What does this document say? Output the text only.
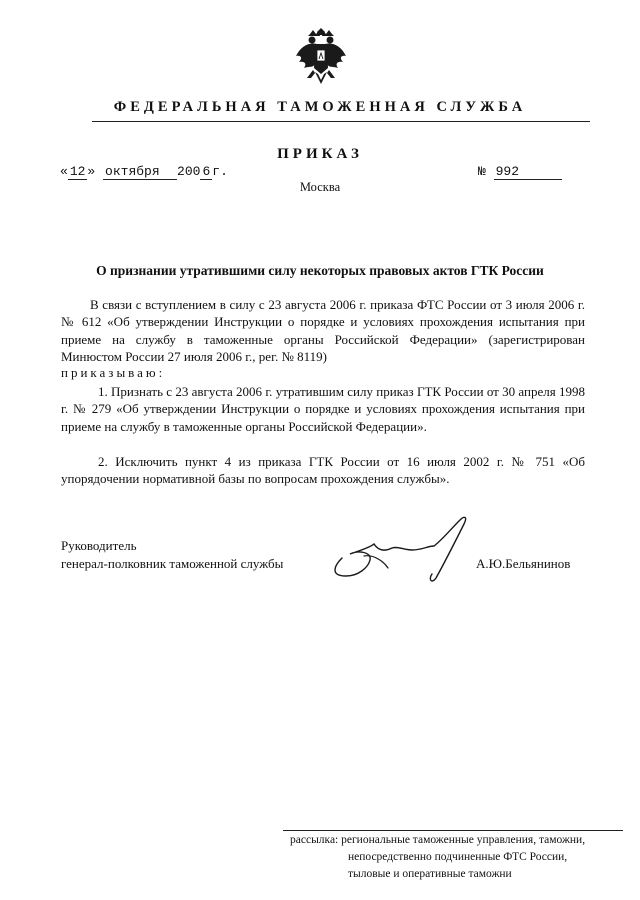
ФЕДЕРАЛЬНАЯ ТАМОЖЕННАЯ СЛУЖБА
ПРИКАЗ
« 12 » октября 200 6 г.	№ 992
Москва
О признании утратившими силу некоторых правовых актов ГТК России

В связи с вступлением в силу с 23 августа 2006 г. приказа ФТС России от 3 июля 2006 г. № 612 «Об утверждении Инструкции о порядке и условиях прохождения испытания при приеме на службу в таможенные органы Российской Федерации» (зарегистрирован Минюстом России 27 июля 2006 г., рег. № 8119)

приказываю:

1. Признать с 23 августа 2006 г. утратившим силу приказ ГТК России от 30 апреля 1998 г. № 279 «Об утверждении Инструкции о порядке и условиях прохождения испытания при приеме на службу в таможенные органы Российской Федерации».

2. Исключить пункт 4 из приказа ГТК России от 16 июля 2002 г. № 751 «Об упорядочении нормативной базы по вопросам прохождения службы».

Руководитель
генерал-полковник таможенной службы	А.Ю.Бельянинов
рассылка: региональные таможенные управления, таможни,
непосредственно подчиненные ФТС России,
тыловые и оперативные таможни
